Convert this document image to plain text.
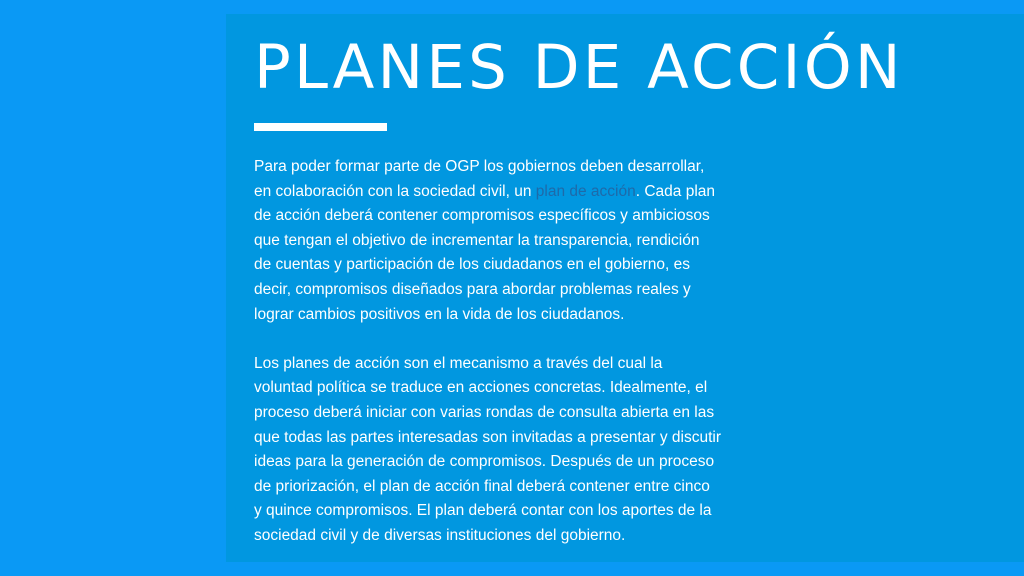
PLANES DE ACCIÓN

Para poder formar parte de OGP los gobiernos deben desarrollar,

en colaboración con la sociedad civil, un plan de acción. Cada plan

de acción deberá contener compromisos específicos y ambiciosos

que tengan el objetivo de incrementar la transparencia, rendición

de cuentas y participación de los ciudadanos en el gobierno, es

decir, compromisos diseñados para abordar problemas reales y

lograr cambios positivos en la vida de los ciudadanos.

Los planes de acción son el mecanismo a través del cual la

voluntad política se traduce en acciones concretas. Idealmente, el

proceso deberá iniciar con varias rondas de consulta abierta en las

que todas las partes interesadas son invitadas a presentar y discutir

ideas para la generación de compromisos. Después de un proceso

de priorización, el plan de acción final deberá contener entre cinco

y quince compromisos. El plan deberá contar con los aportes de la

sociedad civil y de diversas instituciones del gobierno.
